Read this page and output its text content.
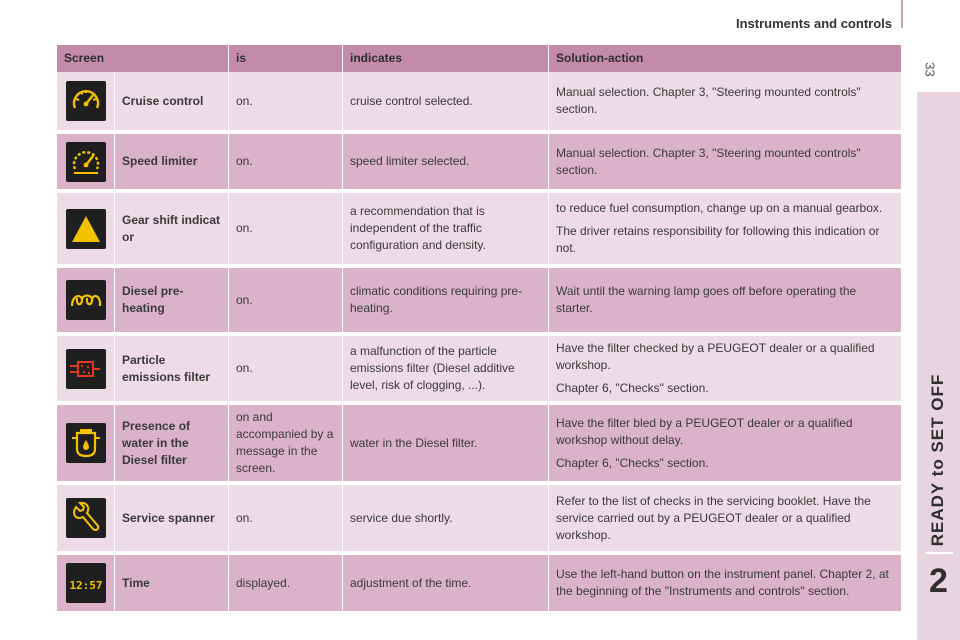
Instruments and controls
33
READY to SET OFF
2
Screen		is	indicates	Solution-action

	Cruise control	on.	cruise control selected.	Manual selection. Chapter 3, "Steering mounted controls" section.

	Speed limiter	on.	speed limiter selected.	Manual selection. Chapter 3, "Steering mounted controls" section.

	Gear shift indicat or	on.	a recommendation that is independent of the traffic configuration and density.	to reduce fuel consumption, change up on a manual gearbox.

The driver retains responsibility for following this indication or not.

	Diesel pre-heating	on.	climatic conditions requiring pre-heating.	Wait until the warning lamp goes off before operating the starter.

	Particle emissions filter	on.	a malfunction of the particle emissions filter (Diesel additive level, risk of clogging, ...).	Have the filter checked by a PEUGEOT dealer or a qualified workshop.

Chapter 6, "Checks" section.

	Presence of water in the Diesel filter	on and accompanied by a message in the screen.	water in the Diesel filter.	Have the filter bled by a PEUGEOT dealer or a qualified workshop without delay.

Chapter 6, "Checks" section.

	Service spanner	on.	service due shortly.	Refer to the list of checks in the servicing booklet. Have the service carried out by a PEUGEOT dealer or a qualified workshop.

12:57	Time	displayed.	adjustment of the time.	Use the left-hand button on the instrument panel. Chapter 2, at the beginning of the "Instruments and controls" section.
